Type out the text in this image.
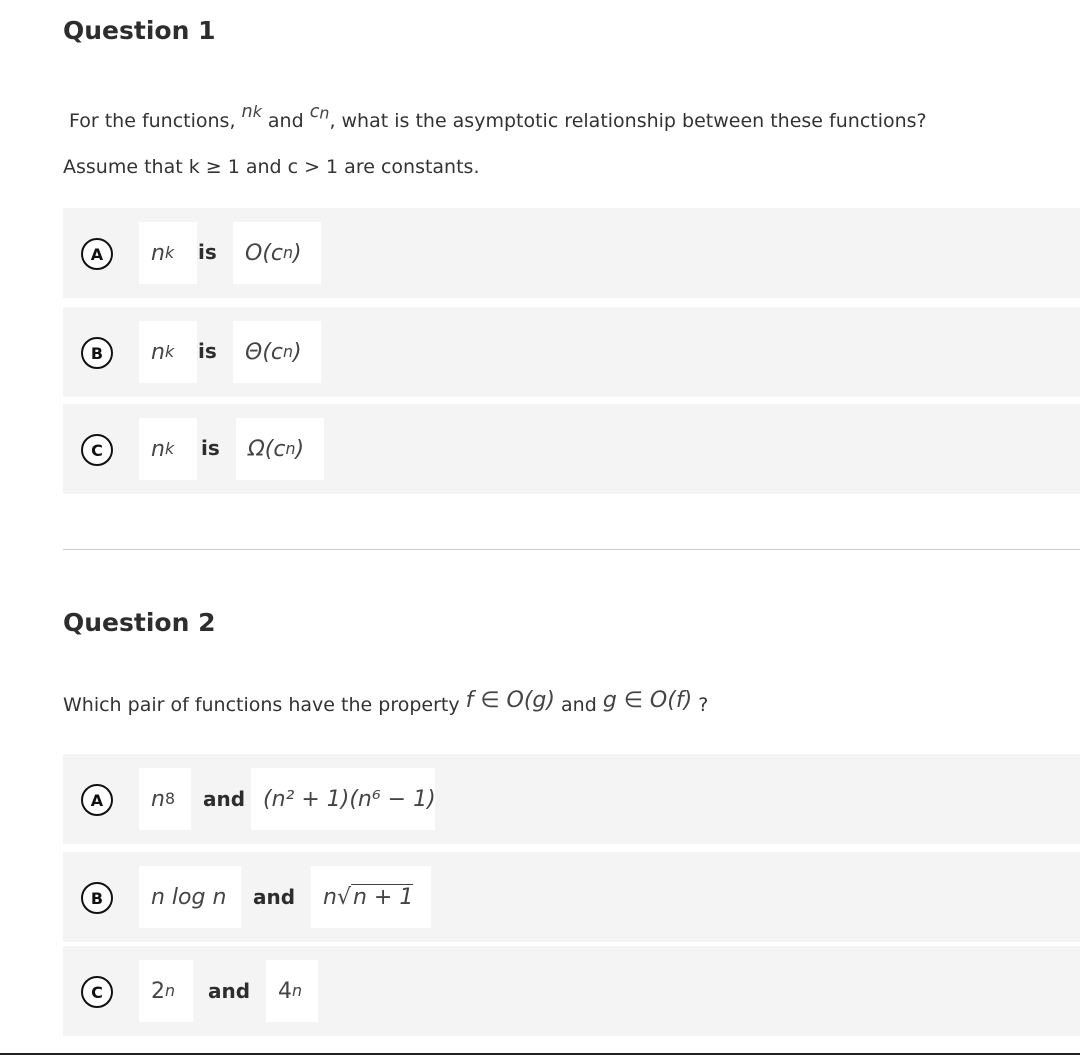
Question 1
For the functions, $^{nk}$ and $^{cn}$, what is the asymptotic relationship between these functions?
Assume that k ≥ 1 and c > 1 are constants.
A	n k is O(c n )
B	n k is Θ(c n )
C	n k is Ω(c n )
Question 2
Which pair of functions have the property f ∈ O(g) and g ∈ O(f) ?
A	n 8 and (n² + 1)(n⁶ − 1)
B	n log n and n √ n + 1
C	2 n and 4 n
